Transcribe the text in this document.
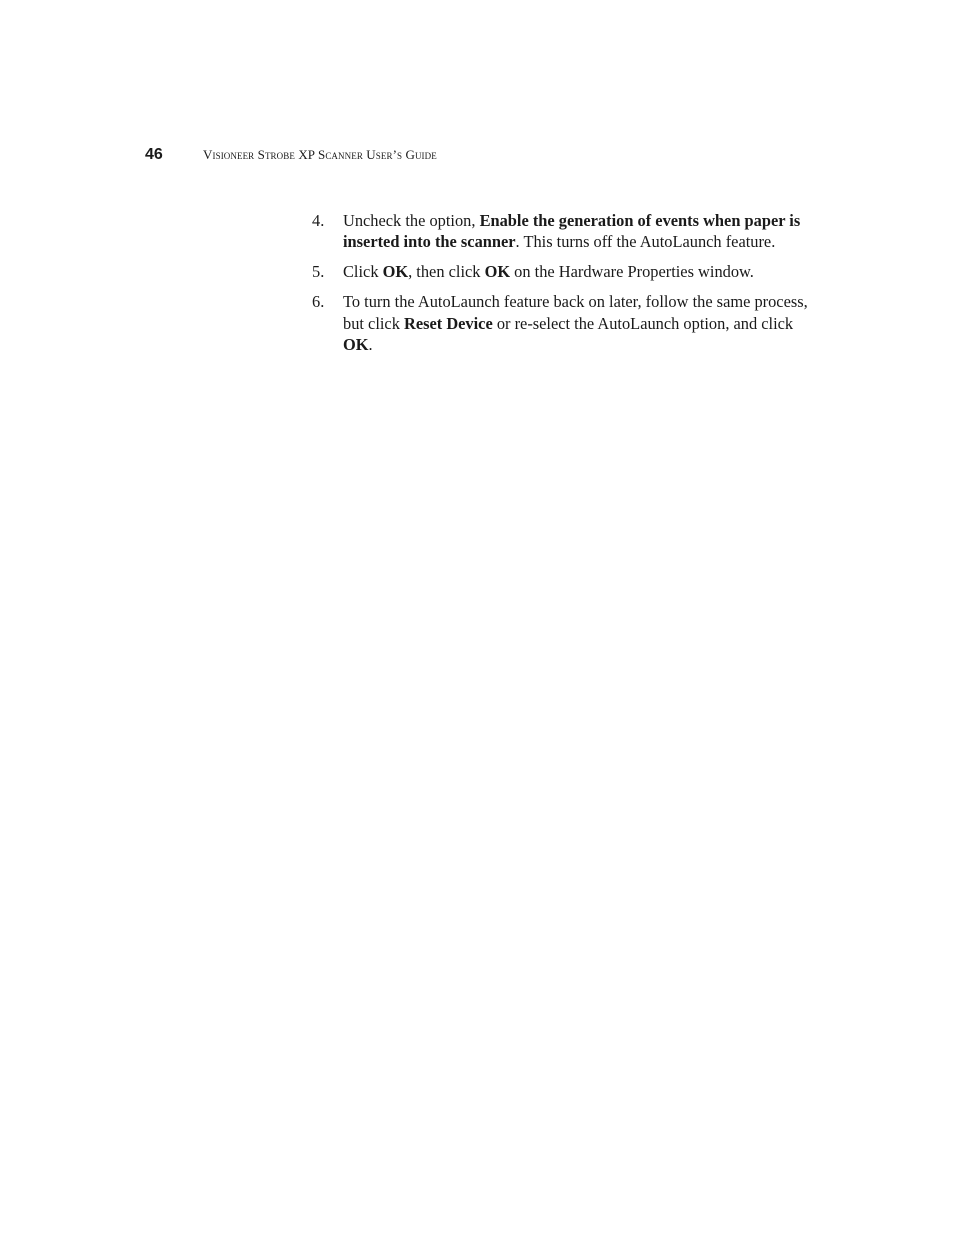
46	Visioneer Strobe XP Scanner User’s Guide
4.	Uncheck the option, Enable the generation of events when paper is inserted into the scanner. This turns off the AutoLaunch feature.
5.	Click OK, then click OK on the Hardware Properties window.
6.	To turn the AutoLaunch feature back on later, follow the same process, but click Reset Device or re-select the AutoLaunch option, and click OK.
